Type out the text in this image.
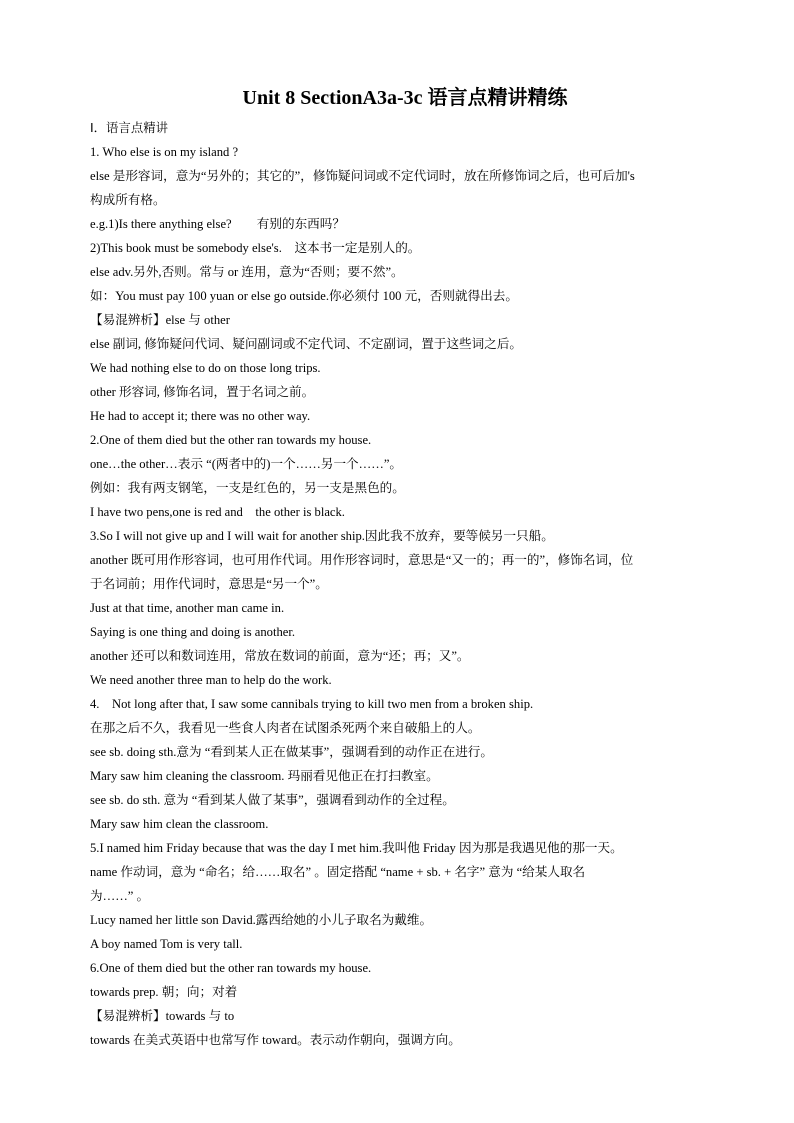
Unit 8 SectionA3a-3c 语言点精讲精练

I．语言点精讲

1. Who else is on my island ?

else 是形容词，意为“另外的；其它的”，修饰疑问词或不定代词时，放在所修饰词之后，也可后加's

构成所有格。

e.g.1)Is there anything else?　　有别的东西吗？

2)This book must be somebody else's.　这本书一定是别人的。

else adv.另外,否则。常与 or 连用，意为“否则；要不然”。

如：You must pay 100 yuan or else go outside.你必须付 100 元，否则就得出去。

【易混辨析】else 与 other

else 副词, 修饰疑问代词、疑问副词或不定代词、不定副词，置于这些词之后。

We had nothing else to do on those long trips.

other 形容词, 修饰名词，置于名词之前。

He had to accept it; there was no other way.

2.One of them died but the other ran towards my house.

one…the other…表示 “(两者中的)一个……另一个……”。

例如：我有两支钢笔，一支是红色的，另一支是黑色的。

I have two pens,one is red and　the other is black.

3.So I will not give up and I will wait for another ship.因此我不放弃，要等候另一只船。

another 既可用作形容词，也可用作代词。用作形容词时，意思是“又一的；再一的”，修饰名词，位

于名词前；用作代词时，意思是“另一个”。

Just at that time, another man came in.

Saying is one thing and doing is another.

another 还可以和数词连用，常放在数词的前面，意为“还；再；又”。

We need another three man to help do the work.

4.　Not long after that, I saw some cannibals trying to kill two men from a broken ship.

在那之后不久，我看见一些食人肉者在试图杀死两个来自破船上的人。

see sb. doing sth.意为 “看到某人正在做某事”，强调看到的动作正在进行。

Mary saw him cleaning the classroom. 玛丽看见他正在打扫教室。

see sb. do sth. 意为 “看到某人做了某事”，强调看到动作的全过程。

Mary saw him clean the classroom.

5.I named him Friday because that was the day I met him.我叫他 Friday 因为那是我遇见他的那一天。

name 作动词，意为 “命名；给……取名” 。固定搭配 “name + sb. + 名字” 意为 “给某人取名

为……” 。

Lucy named her little son David.露西给她的小儿子取名为戴维。

A boy named Tom is very tall.

6.One of them died but the other ran towards my house.

towards prep. 朝；向；对着

【易混辨析】towards 与 to

towards 在美式英语中也常写作 toward。表示动作朝向，强调方向。
